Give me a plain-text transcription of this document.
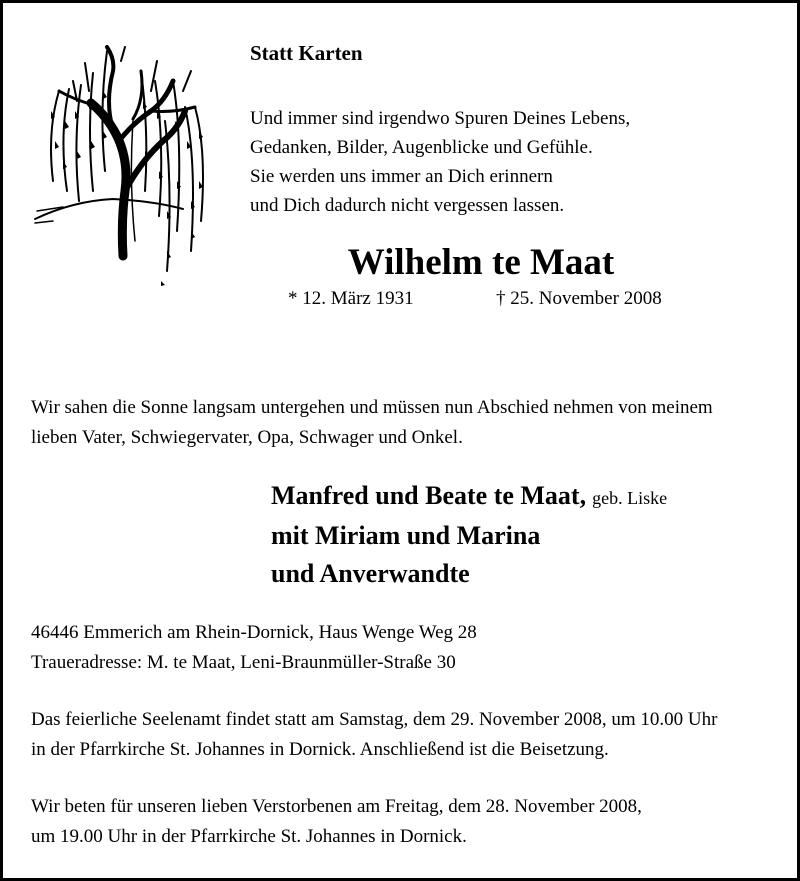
Statt Karten
Und immer sind irgendwo Spuren Deines Lebens,
Gedanken, Bilder, Augenblicke und Gefühle.
Sie werden uns immer an Dich erinnern
und Dich dadurch nicht vergessen lassen.
Wilhelm te Maat
* 12. März 1931	† 25. November 2008
Wir sahen die Sonne langsam untergehen und müssen nun Abschied nehmen von meinem
lieben Vater, Schwiegervater, Opa, Schwager und Onkel.
Manfred und Beate te Maat, geb. Liske
mit Miriam und Marina
und Anverwandte
46446 Emmerich am Rhein-Dornick, Haus Wenge Weg 28
Traueradresse: M. te Maat, Leni-Braunmüller-Straße 30
Das feierliche Seelenamt findet statt am Samstag, dem 29. November 2008, um 10.00 Uhr
in der Pfarrkirche St. Johannes in Dornick. Anschließend ist die Beisetzung.
Wir beten für unseren lieben Verstorbenen am Freitag, dem 28. November 2008,
um 19.00 Uhr in der Pfarrkirche St. Johannes in Dornick.
